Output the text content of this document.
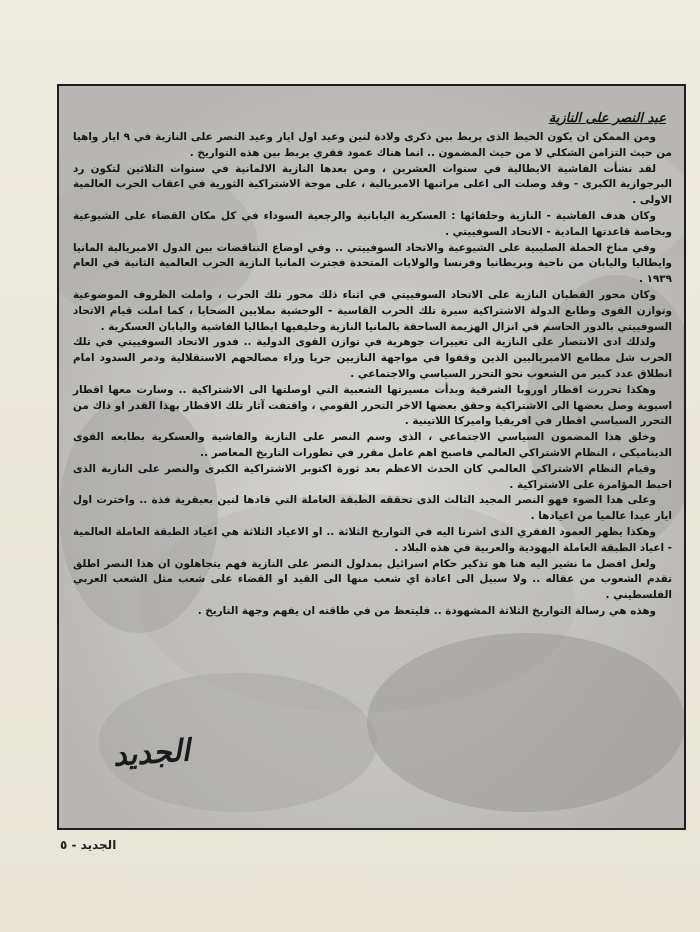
عيد النصر على النازية

ومن الممكن ان يكون الخيط الذى يربط بين ذكرى ولادة لنين وعيد اول ايار وعيد النصر على النازية في ٩ ايار واهيا من حيث التزامن الشكلي لا من حيث المضمون .. انما هناك عمود فقري يربط بين هذه التواريخ .

لقد نشأت الفاشية الايطالية في سنوات العشرين ، ومن بعدها النازية الالمانية في سنوات الثلاثين لتكون رد البرجوازية الكبرى - وقد وصلت الى اعلى مراتبها الامبريالية ، على موجة الاشتراكية الثورية في اعقاب الحرب العالمية الاولى .

وكان هدف الفاشية - النازية وحلفائها : العسكرية اليابانية والرجعية السوداء في كل مكان القضاء على الشيوعية وبخاصة قاعدتها المادية - الاتحاد السوفييتي .

وفي مناخ الحملة الصليبية على الشيوعية والاتحاد السوفييتي .. وفي اوضاع التناقضات بين الدول الامبريالية المانيا وايطاليا واليابان من ناحية وبريطانيا وفرنسا والولايات المتحدة فجترت المانيا النازية الحرب العالمية الثانية في العام ١٩٣٩ .

وكان محور القطبان النازية على الاتحاد السوفييتي في اثناء ذلك محور تلك الحرب ، واملت الظروف الموضوعية وتوازن القوى وطابع الدولة الاشتراكية سيرة تلك الحرب القاسية - الوحشية بملايين الضحايا ، كما املت قيام الاتحاد السوفييتي بالدور الحاسم في انزال الهزيمة الساحقة بالمانيا النازية وحليفيها ايطاليا الفاشية واليابان العسكرية .

ولذلك ادى الانتصار على النازية الى تغييرات جوهرية في توازن القوى الدولية .. فدور الاتحاد السوفييتي في تلك الحرب شل مطامع الامبرياليين الذين وقفوا في مواجهة النازيين جريا وراء مصالحهم الاستقلالية ودمر السدود امام انطلاق عدد كبير من الشعوب نحو التحرر السياسي والاجتماعي .

وهكذا تحررت اقطار اوروبا الشرقية وبدأت مسيرتها الشعبية التي اوصلتها الى الاشتراكية .. وسارت معها اقطار اسيوية وصل بعضها الى الاشتراكية وحقق بعضها الاخر التحرر القومي ، واقتفت آثار تلك الاقطار بهذا القدر او ذاك من التحرر السياسي اقطار في افريقيا واميركا اللاتينية .

وخلق هذا المضمون السياسي الاجتماعي ، الذى وسم النصر على النازية والفاشية والعسكرية بطابعه القوى الديناميكي ، النظام الاشتراكي العالمي فاصبح اهم عامل مقرر في تطورات التاريخ المعاصر ..

وقيام النظام الاشتراكي العالمي كان الحدث الاعظم بعد ثورة اكتوبر الاشتراكية الكبرى والنصر على النازية الذى احبط المؤامرة على الاشتراكية .

وعلى هدا الضوء فهو النصر المجيد الثالث الذى تحققه الطبقة العاملة التي قادها لنين بعبقرية فذة .. واخترت اول ايار عيدا عالميا من اعيادها .

وهكذا يظهر العمود الفقري الذى اشرنا اليه في التواريخ الثلاثة .. او الاعياد الثلاثة هي اعياد الطبقة العاملة العالمية - اعياد الطبقة العاملة اليهودية والعربية في هذه البلاد .

ولعل افضل ما نشير اليه هنا هو تذكير حكام اسرائيل بمدلول النصر على النازية فهم يتجاهلون ان هذا النصر اطلق تقدم الشعوب من عقاله .. ولا سبيل الى اعادة اي شعب منها الى القيد او القضاء على شعب مثل الشعب العربي الفلسطيني .

وهذه هي رسالة التواريخ الثلاثة المشهودة .. فليتعظ من في طاقته ان يفهم وجهة التاريخ .

الجديد
الجديد - ٥
